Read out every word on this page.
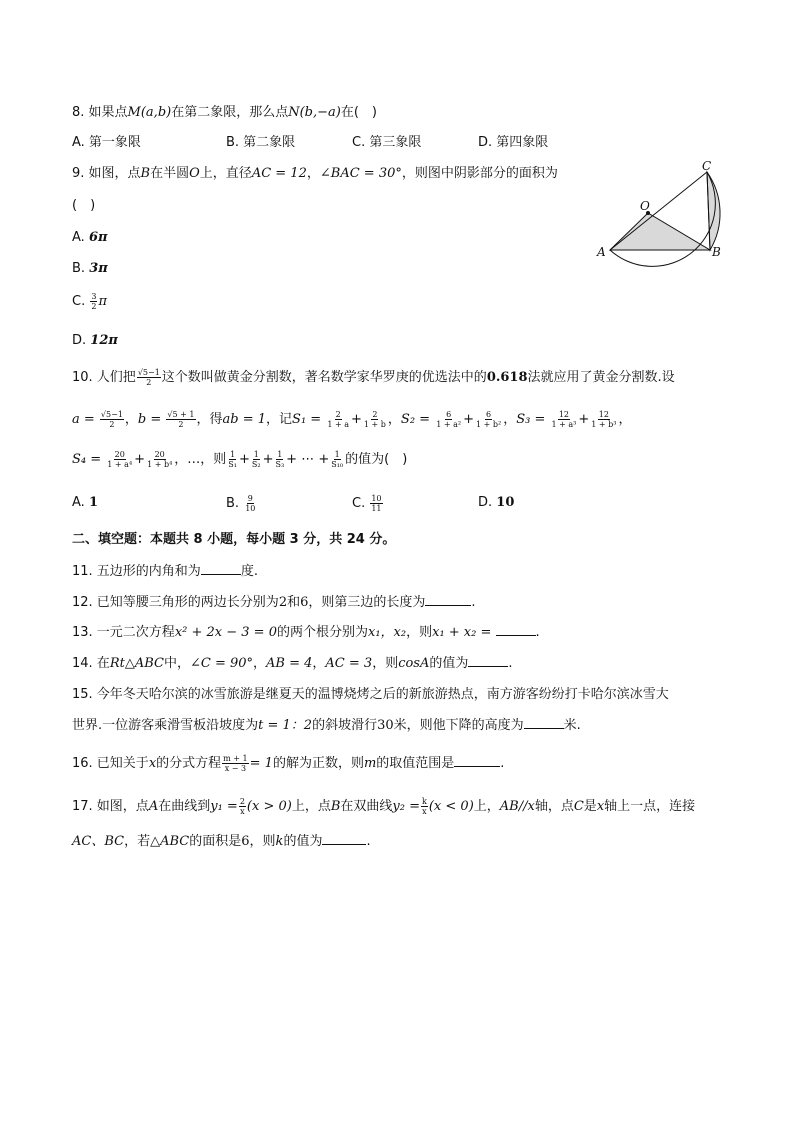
8. 如果点M(a,b)在第二象限，那么点N(b,−a)在(　)
A. 第一象限	B. 第二象限	C. 第三象限	D. 第四象限
9. 如图，点B在半圆O上，直径AC = 12，∠BAC = 30°，则图中阴影部分的面积为
(　)
A. 6π
B. 3π
C. $\frac{3}{2}$ π
D. 12π
A	B
C
O
10. 人们把 $\frac{√5-1}{2}$ 这个数叫做黄金分割数，著名数学家华罗庚的优选法中的0.618法就应用了黄金分割数.设
$a = \frac{√5-1}{2}$ ，$b = \frac{√5 + 1}{2}$ ，得ab = 1，记$S_1 = \frac{2}{1 + a} + \frac{2}{1 + b}$ ，$S_2 = \frac{6}{\text{1 + a²}} + \frac{6}{\text{1 + b²}}$ ，$S_3 = \frac{12}{\text{1 + a³}} + \frac{12}{\text{1 + b³}}$ ，
$S_4 = \frac{20}{\text{1 + a⁴}} + \frac{20}{\text{1 + b⁴}}$ ，…，则 $\frac{1}{\text{S₁}} + \frac{1}{\text{S₂}} + \frac{1}{\text{S₃}}$ + ⋯ + $\frac{1}{\text{S₁₀}}$ 的值为(　)
A. 1	B. $\frac{9}{10}$	C. $\frac{10}{11}$	D. 10
二、填空题：本题共 8 小题，每小题 3 分，共 24 分。
11. 五边形的内角和为	度.
12. 已知等腰三角形的两边长分别为2和6，则第三边的长度为	.
13. 一元二次方程x² + 2x − 3 = 0的两个根分别为x₁，x₂，则x₁ + x₂ =	.
14. 在Rt△ABC中，∠C = 90°，AB = 4，AC = 3，则cosA的值为	.
15. 今年冬天哈尔滨的冰雪旅游是继夏天的温博烧烤之后的新旅游热点，南方游客纷纷打卡哈尔滨冰雪大
世界.一位游客乘滑雪板沿坡度为t = 1：2的斜坡滑行30米，则他下降的高度为	米.
16. 已知关于x的分式方程 $\frac{m + 1}{x - 3} = 1$的解为正数，则m的取值范围是	.
17. 如图，点A在曲线到$y_1 = \frac{2}{x} (x > 0)$上，点B在双曲线$y_2 = \frac{k}{x} (x < 0)$上，AB//x轴，点C是x轴上一点，连接
AC、BC，若△ABC的面积是6，则k的值为	.
